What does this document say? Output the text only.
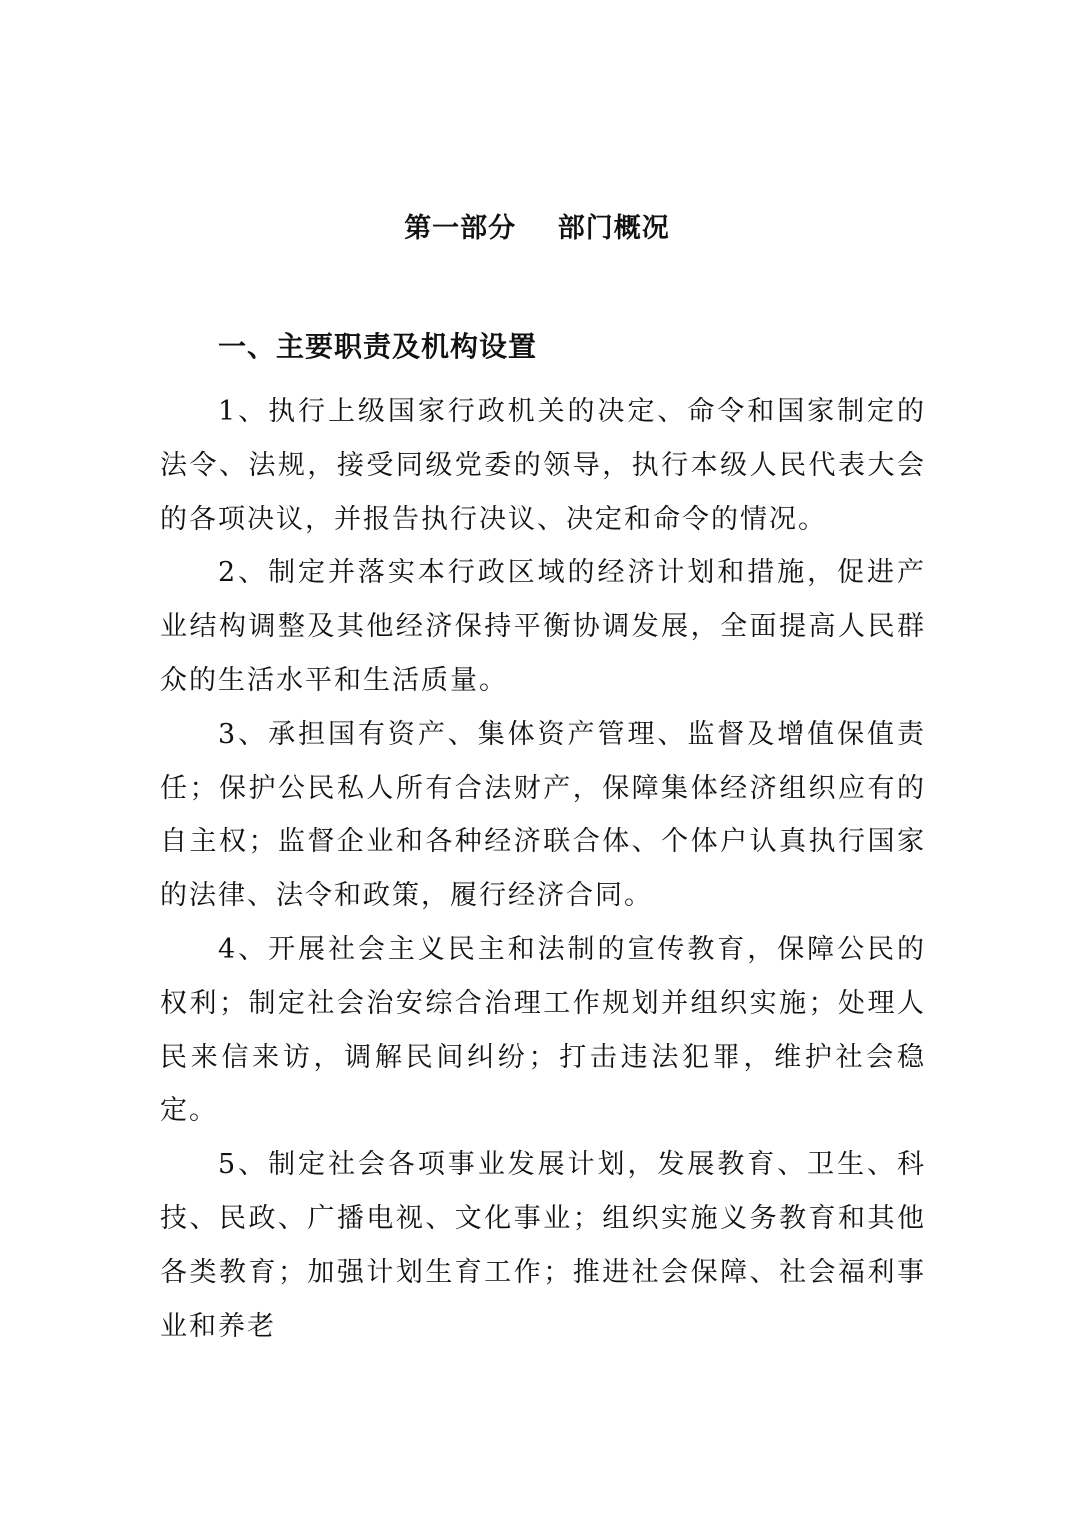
第一部分    部门概况
一、主要职责及机构设置

1、执行上级国家行政机关的决定、命令和国家制定的法令、法规，接受同级党委的领导，执行本级人民代表大会的各项决议，并报告执行决议、决定和命令的情况。

2、制定并落实本行政区域的经济计划和措施，促进产业结构调整及其他经济保持平衡协调发展，全面提高人民群众的生活水平和生活质量。

3、承担国有资产、集体资产管理、监督及增值保值责任；保护公民私人所有合法财产，保障集体经济组织应有的自主权；监督企业和各种经济联合体、个体户认真执行国家的法律、法令和政策，履行经济合同。

4、开展社会主义民主和法制的宣传教育，保障公民的权利；制定社会治安综合治理工作规划并组织实施；处理人民来信来访，调解民间纠纷；打击违法犯罪，维护社会稳定。

5、制定社会各项事业发展计划，发展教育、卫生、科技、民政、广播电视、文化事业；组织实施义务教育和其他各类教育；加强计划生育工作；推进社会保障、社会福利事业和养老
